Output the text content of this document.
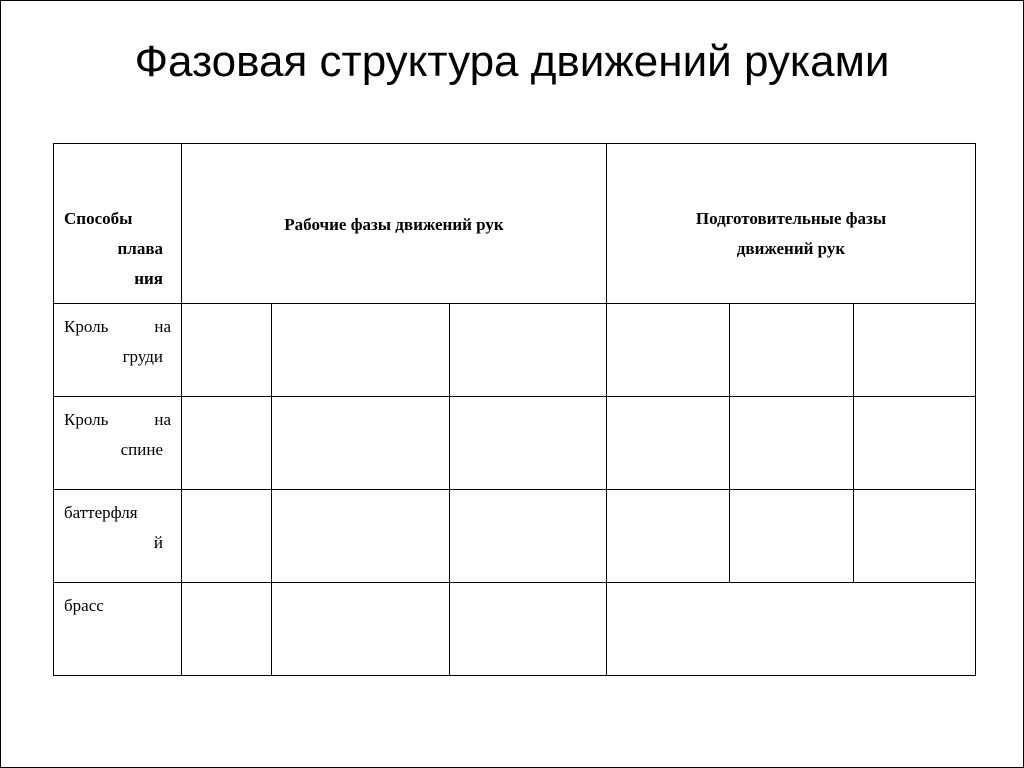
Фазовая структура движений руками
Способы
плава
ния	Рабочие фазы движений рук			Подготовительные фазы
движений рук		

Кроль на
груди						

Кроль на
спине						

баттерфля
й						

брасс						
